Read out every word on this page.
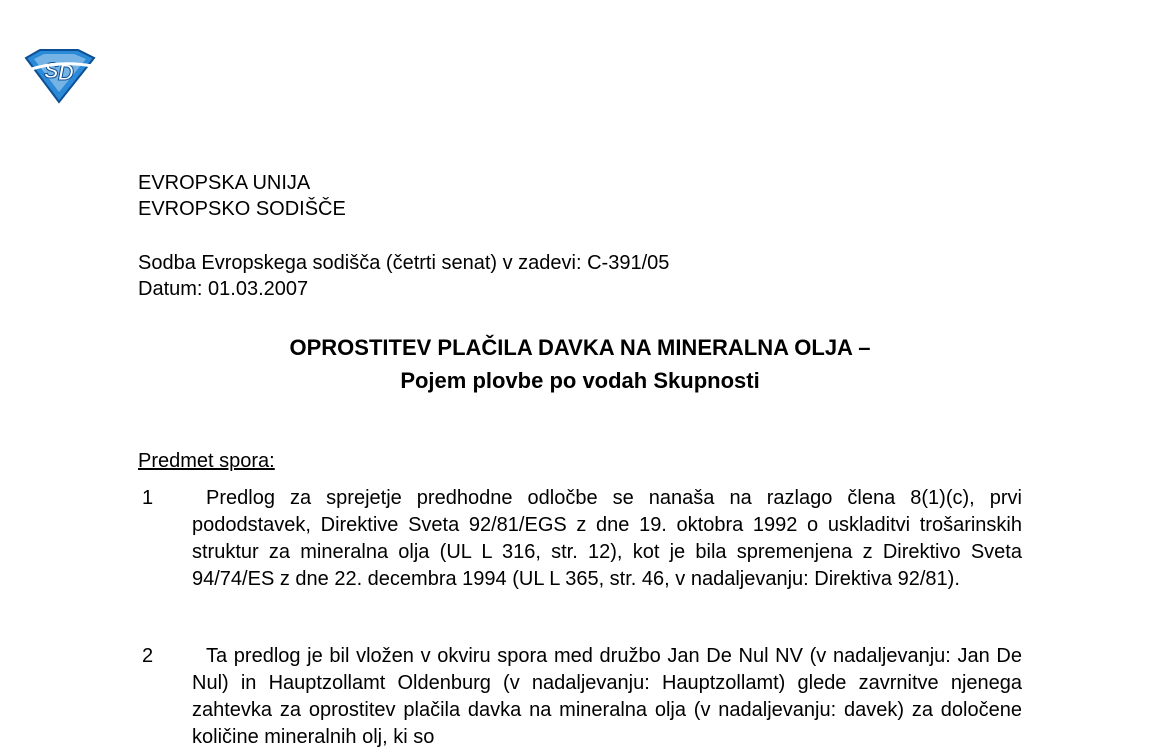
S D
EVROPSKA UNIJA
EVROPSKO SODIŠČE
Sodba Evropskega sodišča (četrti senat) v zadevi: C-391/05
Datum: 01.03.2007
OPROSTITEV PLAČILA DAVKA NA MINERALNA OLJA –
Pojem plovbe po vodah Skupnosti
Predmet spora:
1	Predlog za sprejetje predhodne odločbe se nanaša na razlago člena 8(1)(c), prvi pododstavek, Direktive Sveta 92/81/EGS z dne 19. oktobra 1992 o uskladitvi trošarinskih struktur za mineralna olja (UL L 316, str. 12), kot je bila spremenjena z Direktivo Sveta 94/74/ES z dne 22. decembra 1994 (UL L 365, str. 46, v nadaljevanju: Direktiva 92/81).
2	Ta predlog je bil vložen v okviru spora med družbo Jan De Nul NV (v nadaljevanju: Jan De Nul) in Hauptzollamt Oldenburg (v nadaljevanju: Hauptzollamt) glede zavrnitve njenega zahtevka za oprostitev plačila davka na mineralna olja (v nadaljevanju: davek) za določene količine mineralnih olj, ki so
